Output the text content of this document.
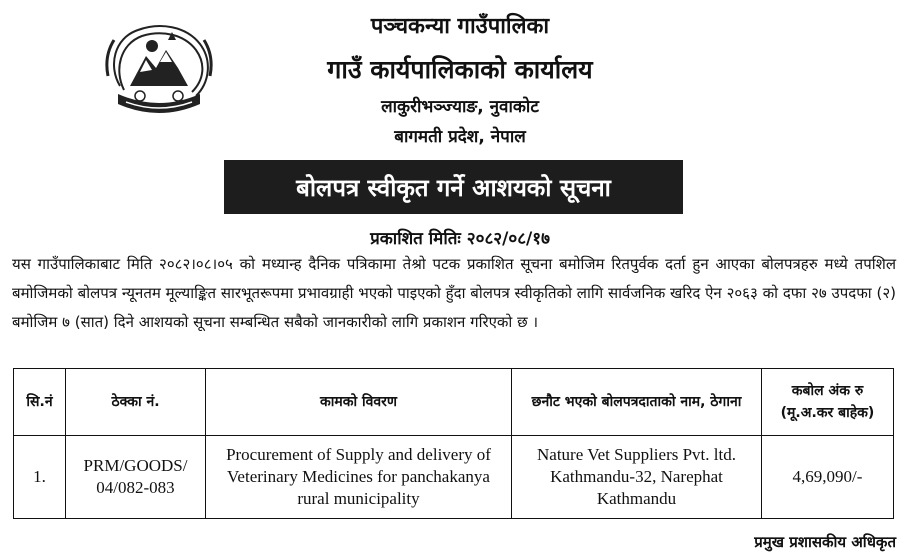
पञ्चकन्या गाउँपालिका
गाउँ कार्यपालिकाको कार्यालय
लाकुरीभञ्ज्याङ, नुवाकोट
बागमती प्रदेश, नेपाल
बोलपत्र स्वीकृत गर्ने आशयको सूचना
प्रकाशित मितिः २०८२/०८/१७

यस गाउँपालिकाबाट मिति २०८२।०८।०५ को मध्यान्ह दैनिक पत्रिकामा तेश्रो पटक प्रकाशित सूचना बमोजिम रितपुर्वक दर्ता हुन आएका बोलपत्रहरु मध्ये तपशिल बमोजिमको बोलपत्र न्यूनतम मूल्याङ्कित सारभूतरूपमा प्रभावग्राही भएको पाइएको हुँदा बोलपत्र स्वीकृतिको लागि सार्वजनिक खरिद ऐन २०६३ को दफा २७ उपदफा (२) बमोजिम ७ (सात) दिने आशयको सूचना सम्बन्धित सबैको जानकारीको लागि प्रकाशन गरिएको छ ।

सि.नं	ठेक्का नं.	कामको विवरण	छनौट भएको बोलपत्रदाताको नाम, ठेगाना	कबोल अंक रु (मू.अ.कर बाहेक)
1.	PRM/GOODS/ 04/082-083	Procurement of Supply and delivery of Veterinary Medicines for panchakanya rural municipality	Nature Vet Suppliers Pvt. ltd. Kathmandu-32, Narephat Kathmandu	4,69,090/-
प्रमुख प्रशासकीय अधिकृत
